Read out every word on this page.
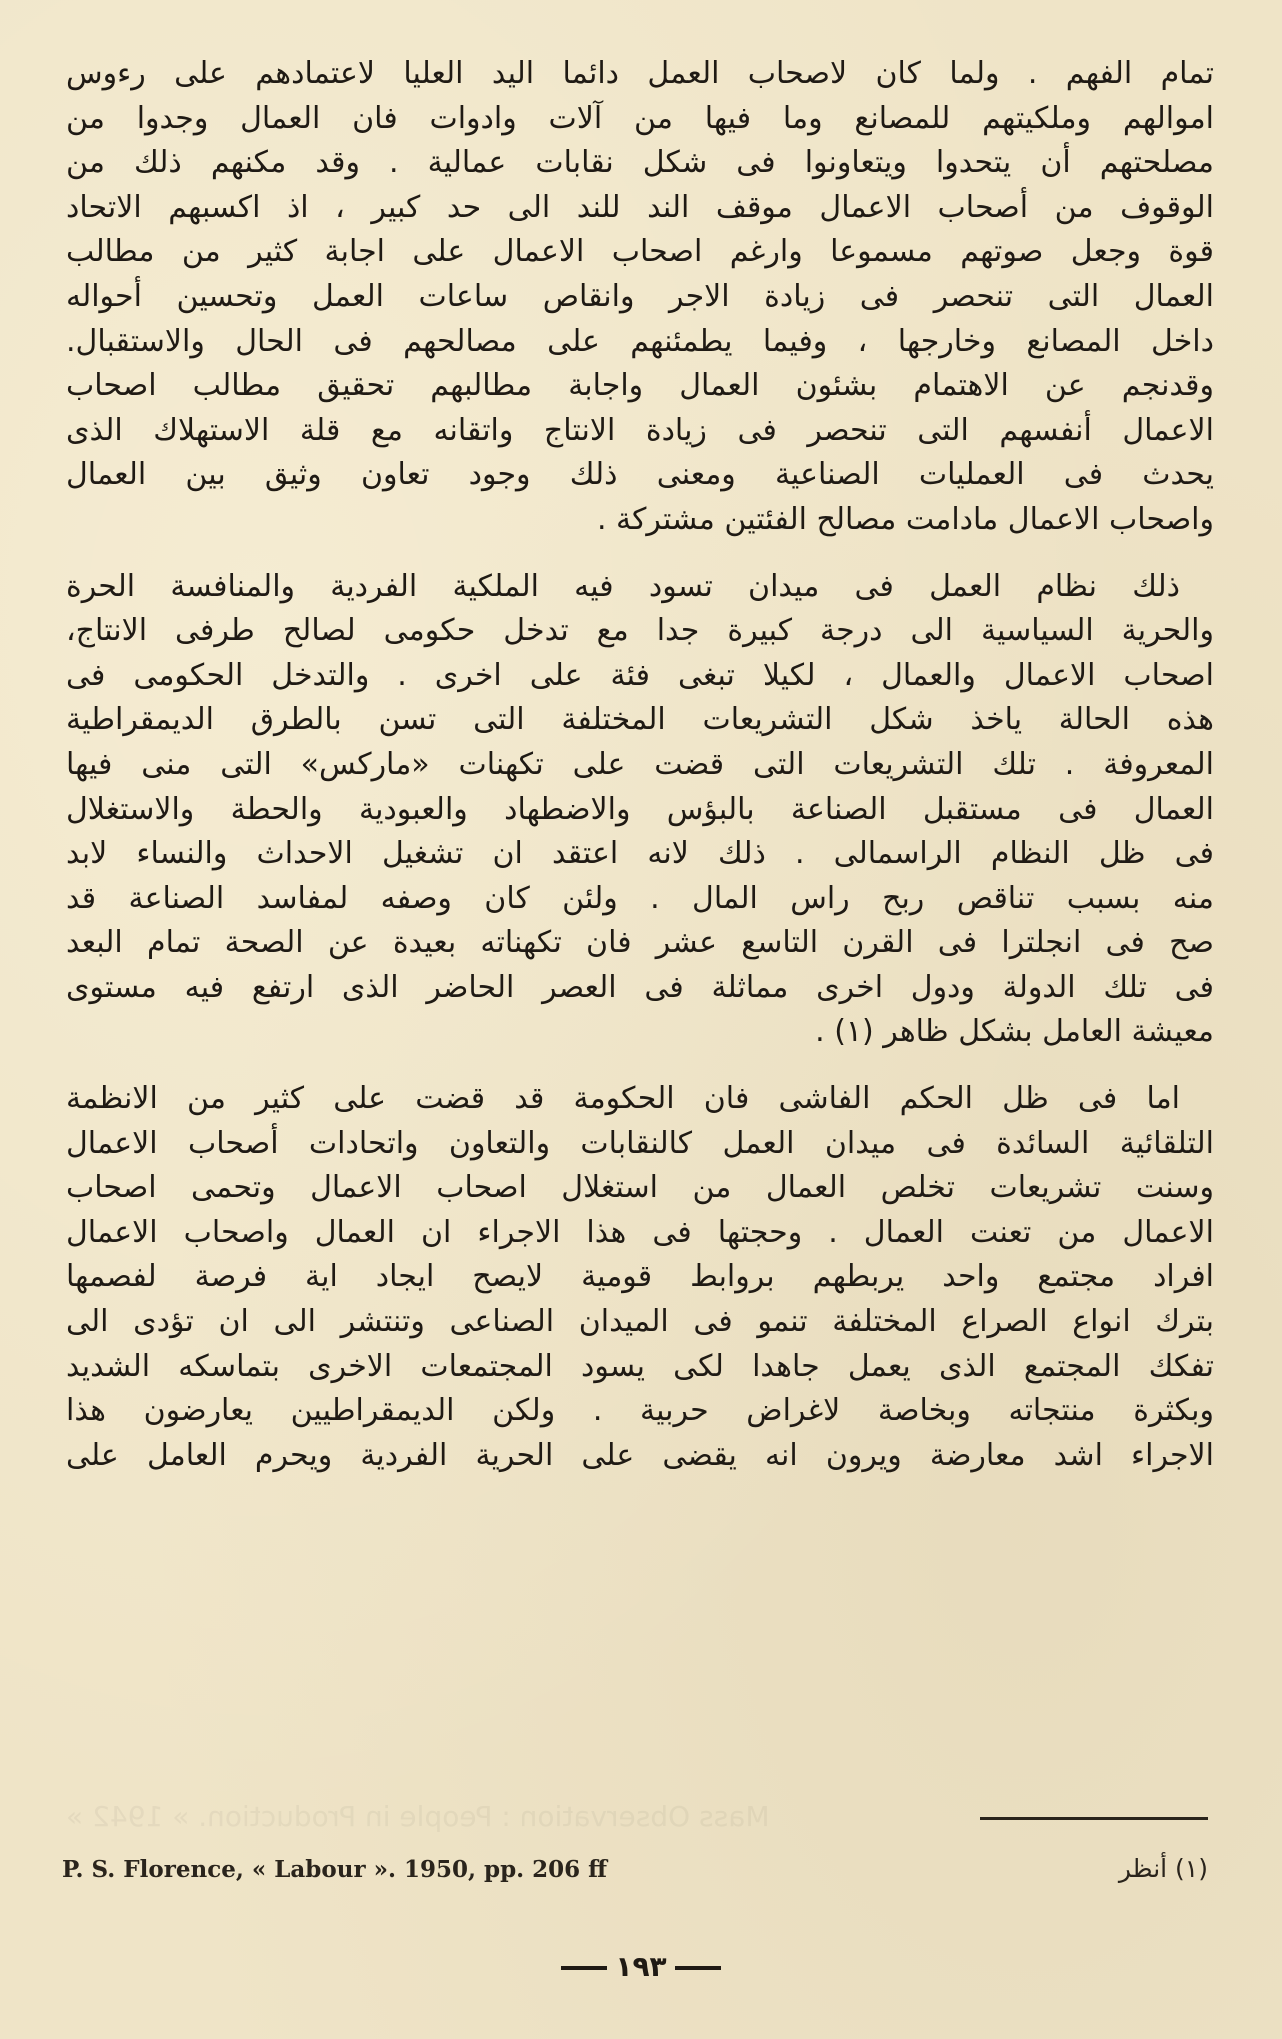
« Mass Observation : People in Production. » 1942
تمام الفهم . ولما كان لاصحاب العمل دائما اليد العليا لاعتمادهم على رءوس
اموالهم وملكيتهم للمصانع وما فيها من آلات وادوات فان العمال وجدوا من
مصلحتهم أن يتحدوا ويتعاونوا فى شكل نقابات عمالية . وقد مكنهم ذلك من
الوقوف من أصحاب الاعمال موقف الند للند الى حد كبير ، اذ اكسبهم الاتحاد
قوة وجعل صوتهم مسموعا وارغم اصحاب الاعمال على اجابة كثير من مطالب
العمال التى تنحصر فى زيادة الاجر وانقاص ساعات العمل وتحسين أحواله
داخل المصانع وخارجها ، وفيما يطمئنهم على مصالحهم فى الحال والاستقبال.
وقدنجم عن الاهتمام بشئون العمال واجابة مطالبهم تحقيق مطالب اصحاب
الاعمال أنفسهم التى تنحصر فى زيادة الانتاج واتقانه مع قلة الاستهلاك الذى
يحدث فى العمليات الصناعية ومعنى ذلك وجود تعاون وثيق بين العمال
واصحاب الاعمال مادامت مصالح الفئتين مشتركة .
ذلك نظام العمل فى ميدان تسود فيه الملكية الفردية والمنافسة الحرة
والحرية السياسية الى درجة كبيرة جدا مع تدخل حكومى لصالح طرفى الانتاج،
اصحاب الاعمال والعمال ، لكيلا تبغى فئة على اخرى . والتدخل الحكومى فى
هذه الحالة ياخذ شكل التشريعات المختلفة التى تسن بالطرق الديمقراطية
المعروفة . تلك التشريعات التى قضت على تكهنات «ماركس» التى منى فيها
العمال فى مستقبل الصناعة بالبؤس والاضطهاد والعبودية والحطة والاستغلال
فى ظل النظام الراسمالى . ذلك لانه اعتقد ان تشغيل الاحداث والنساء لابد
منه بسبب تناقص ربح راس المال . ولئن كان وصفه لمفاسد الصناعة قد
صح فى انجلترا فى القرن التاسع عشر فان تكهناته بعيدة عن الصحة تمام البعد
فى تلك الدولة ودول اخرى مماثلة فى العصر الحاضر الذى ارتفع فيه مستوى
معيشة العامل بشكل ظاهر (١) .
اما فى ظل الحكم الفاشى فان الحكومة قد قضت على كثير من الانظمة
التلقائية السائدة فى ميدان العمل كالنقابات والتعاون واتحادات أصحاب الاعمال
وسنت تشريعات تخلص العمال من استغلال اصحاب الاعمال وتحمى اصحاب
الاعمال من تعنت العمال . وحجتها فى هذا الاجراء ان العمال واصحاب الاعمال
افراد مجتمع واحد يربطهم بروابط قومية لايصح ايجاد اية فرصة لفصمها
بترك انواع الصراع المختلفة تنمو فى الميدان الصناعى وتنتشر الى ان تؤدى الى
تفكك المجتمع الذى يعمل جاهدا لكى يسود المجتمعات الاخرى بتماسكه الشديد
وبكثرة منتجاته وبخاصة لاغراض حربية . ولكن الديمقراطيين يعارضون هذا
الاجراء اشد معارضة ويرون انه يقضى على الحرية الفردية ويحرم العامل على
P. S. Florence, « Labour ». 1950, pp. 206 ff	(١) أنظر
١٩٣
